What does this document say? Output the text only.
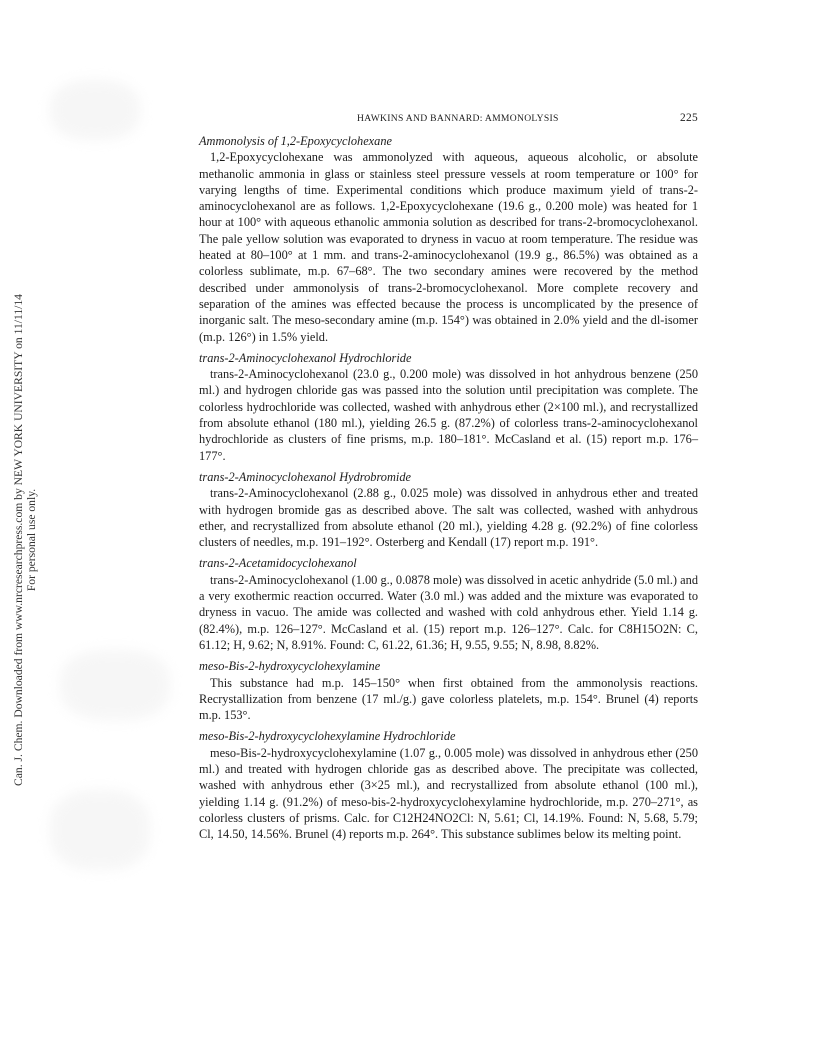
Can. J. Chem. Downloaded from www.nrcresearchpress.com by NEW YORK UNIVERSITY on 11/11/14 For personal use only.
HAWKINS AND BANNARD: AMMONOLYSIS	225

Ammonolysis of 1,2-Epoxycyclohexane

1,2-Epoxycyclohexane was ammonolyzed with aqueous, aqueous alcoholic, or absolute methanolic ammonia in glass or stainless steel pressure vessels at room temperature or 100° for varying lengths of time. Experimental conditions which produce maximum yield of trans-2-aminocyclohexanol are as follows. 1,2-Epoxycyclohexane (19.6 g., 0.200 mole) was heated for 1 hour at 100° with aqueous ethanolic ammonia solution as described for trans-2-bromocyclohexanol. The pale yellow solution was evaporated to dryness in vacuo at room temperature. The residue was heated at 80–100° at 1 mm. and trans-2-aminocyclohexanol (19.9 g., 86.5%) was obtained as a colorless sublimate, m.p. 67–68°. The two secondary amines were recovered by the method described under ammonolysis of trans-2-bromocyclohexanol. More complete recovery and separation of the amines was effected because the process is uncomplicated by the presence of inorganic salt. The meso-secondary amine (m.p. 154°) was obtained in 2.0% yield and the dl-isomer (m.p. 126°) in 1.5% yield.

trans-2-Aminocyclohexanol Hydrochloride

trans-2-Aminocyclohexanol (23.0 g., 0.200 mole) was dissolved in hot anhydrous benzene (250 ml.) and hydrogen chloride gas was passed into the solution until precipitation was complete. The colorless hydrochloride was collected, washed with anhydrous ether (2×100 ml.), and recrystallized from absolute ethanol (180 ml.), yielding 26.5 g. (87.2%) of colorless trans-2-aminocyclohexanol hydrochloride as clusters of fine prisms, m.p. 180–181°. McCasland et al. (15) report m.p. 176–177°.

trans-2-Aminocyclohexanol Hydrobromide

trans-2-Aminocyclohexanol (2.88 g., 0.025 mole) was dissolved in anhydrous ether and treated with hydrogen bromide gas as described above. The salt was collected, washed with anhydrous ether, and recrystallized from absolute ethanol (20 ml.), yielding 4.28 g. (92.2%) of fine colorless clusters of needles, m.p. 191–192°. Osterberg and Kendall (17) report m.p. 191°.

trans-2-Acetamidocyclohexanol

trans-2-Aminocyclohexanol (1.00 g., 0.0878 mole) was dissolved in acetic anhydride (5.0 ml.) and a very exothermic reaction occurred. Water (3.0 ml.) was added and the mixture was evaporated to dryness in vacuo. The amide was collected and washed with cold anhydrous ether. Yield 1.14 g. (82.4%), m.p. 126–127°. McCasland et al. (15) report m.p. 126–127°. Calc. for C8H15O2N: C, 61.12; H, 9.62; N, 8.91%. Found: C, 61.22, 61.36; H, 9.55, 9.55; N, 8.98, 8.82%.

meso-Bis-2-hydroxycyclohexylamine

This substance had m.p. 145–150° when first obtained from the ammonolysis reactions. Recrystallization from benzene (17 ml./g.) gave colorless platelets, m.p. 154°. Brunel (4) reports m.p. 153°.

meso-Bis-2-hydroxycyclohexylamine Hydrochloride

meso-Bis-2-hydroxycyclohexylamine (1.07 g., 0.005 mole) was dissolved in anhydrous ether (250 ml.) and treated with hydrogen chloride gas as described above. The precipitate was collected, washed with anhydrous ether (3×25 ml.), and recrystallized from absolute ethanol (100 ml.), yielding 1.14 g. (91.2%) of meso-bis-2-hydroxycyclohexylamine hydrochloride, m.p. 270–271°, as colorless clusters of prisms. Calc. for C12H24NO2Cl: N, 5.61; Cl, 14.19%. Found: N, 5.68, 5.79; Cl, 14.50, 14.56%. Brunel (4) reports m.p. 264°. This substance sublimes below its melting point.
